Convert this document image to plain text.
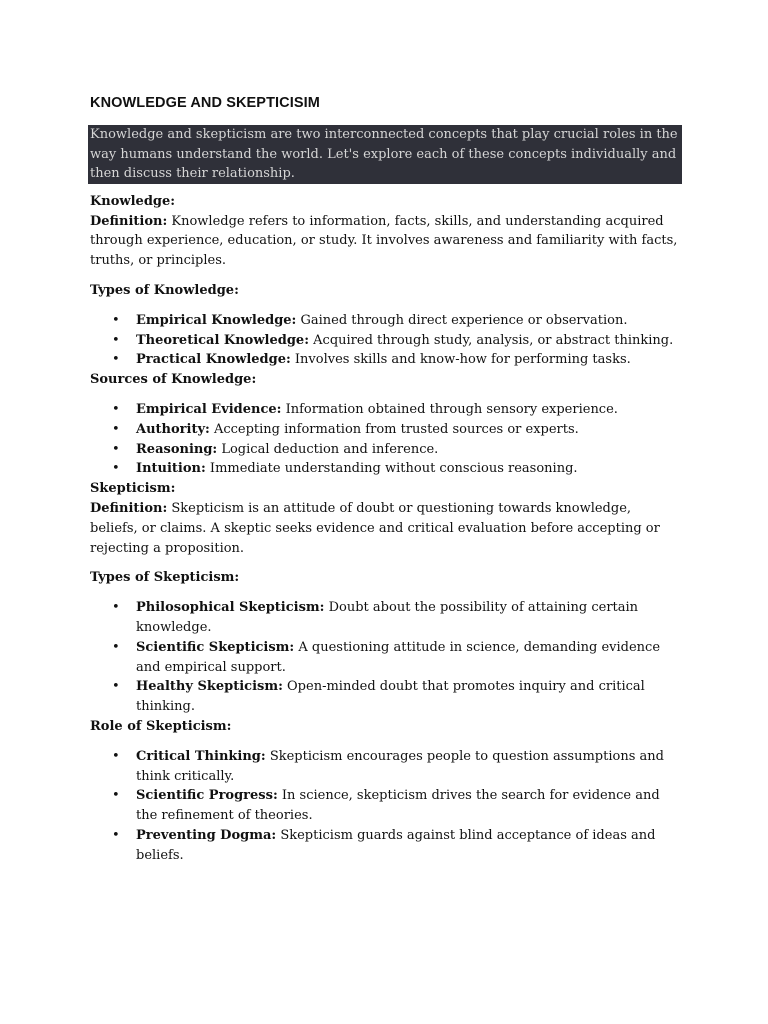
KNOWLEDGE AND SKEPTICISIM
Knowledge and skepticism are two interconnected concepts that play crucial roles in the way humans understand the world. Let's explore each of these concepts individually and then discuss their relationship.

Knowledge:

Definition: Knowledge refers to information, facts, skills, and understanding acquired through experience, education, or study. It involves awareness and familiarity with facts, truths, or principles.

Types of Knowledge:

• Empirical Knowledge: Gained through direct experience or observation.
• Theoretical Knowledge: Acquired through study, analysis, or abstract thinking.
• Practical Knowledge: Involves skills and know-how for performing tasks.

Sources of Knowledge:

• Empirical Evidence: Information obtained through sensory experience.
• Authority: Accepting information from trusted sources or experts.
• Reasoning: Logical deduction and inference.
• Intuition: Immediate understanding without conscious reasoning.

Skepticism:

Definition: Skepticism is an attitude of doubt or questioning towards knowledge, beliefs, or claims. A skeptic seeks evidence and critical evaluation before accepting or rejecting a proposition.

Types of Skepticism:

• Philosophical Skepticism: Doubt about the possibility of attaining certain knowledge.
• Scientific Skepticism: A questioning attitude in science, demanding evidence and empirical support.
• Healthy Skepticism: Open-minded doubt that promotes inquiry and critical thinking.

Role of Skepticism:

• Critical Thinking: Skepticism encourages people to question assumptions and think critically.
• Scientific Progress: In science, skepticism drives the search for evidence and the refinement of theories.
• Preventing Dogma: Skepticism guards against blind acceptance of ideas and beliefs.
